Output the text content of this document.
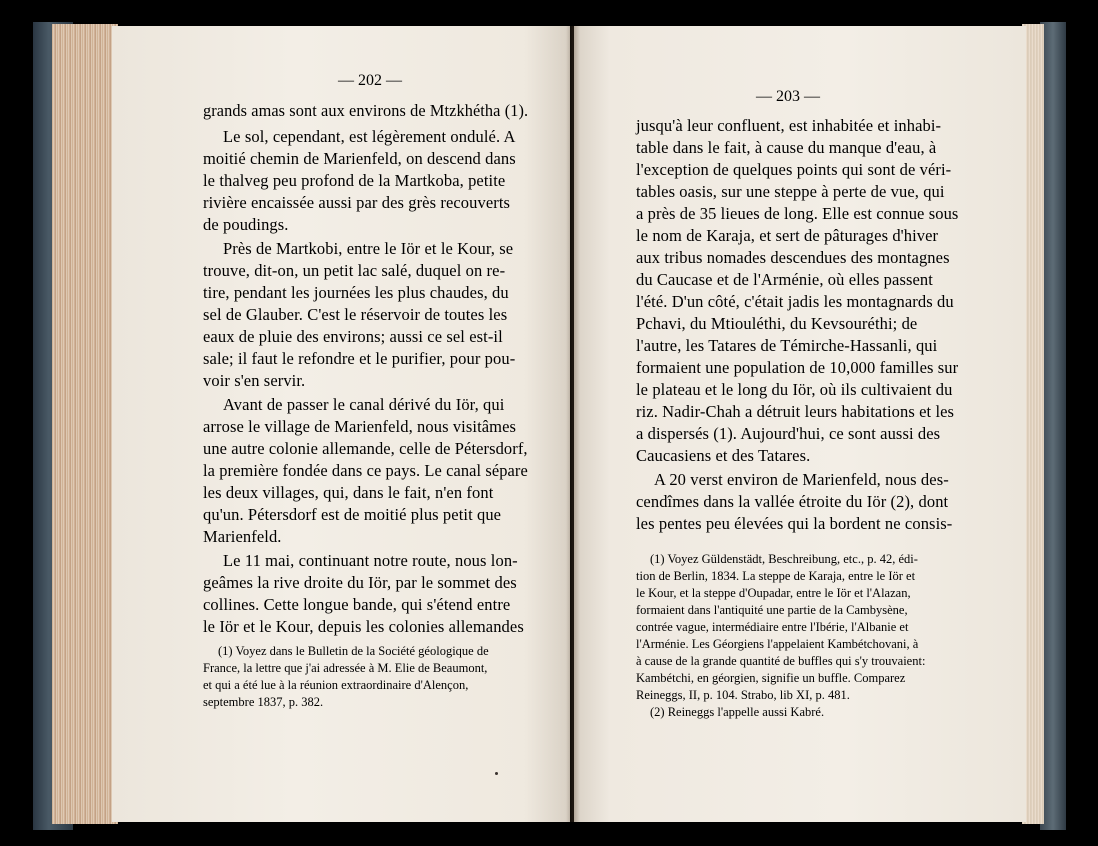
— 202 —
grands amas sont aux environs de Mtzkhétha (1).
Le sol, cependant, est légèrement ondulé. A
moitié chemin de Marienfeld, on descend dans
le thalveg peu profond de la Martkoba, petite
rivière encaissée aussi par des grès recouverts
de poudings.
Près de Martkobi, entre le Iör et le Kour, se
trouve, dit-on, un petit lac salé, duquel on re-
tire, pendant les journées les plus chaudes, du
sel de Glauber. C'est le réservoir de toutes les
eaux de pluie des environs; aussi ce sel est-il
sale; il faut le refondre et le purifier, pour pou-
voir s'en servir.
Avant de passer le canal dérivé du Iör, qui
arrose le village de Marienfeld, nous visitâmes
une autre colonie allemande, celle de Pétersdorf,
la première fondée dans ce pays. Le canal sépare
les deux villages, qui, dans le fait, n'en font
qu'un. Pétersdorf est de moitié plus petit que
Marienfeld.
Le 11 mai, continuant notre route, nous lon-
geâmes la rive droite du Iör, par le sommet des
collines. Cette longue bande, qui s'étend entre
le Iör et le Kour, depuis les colonies allemandes
(1) Voyez dans le Bulletin de la Société géologique de
France, la lettre que j'ai adressée à M. Elie de Beaumont,
et qui a été lue à la réunion extraordinaire d'Alençon,
septembre 1837, p. 382.
— 203 —
jusqu'à leur confluent, est inhabitée et inhabi-
table dans le fait, à cause du manque d'eau, à
l'exception de quelques points qui sont de véri-
tables oasis, sur une steppe à perte de vue, qui
a près de 35 lieues de long. Elle est connue sous
le nom de Karaja, et sert de pâturages d'hiver
aux tribus nomades descendues des montagnes
du Caucase et de l'Arménie, où elles passent
l'été. D'un côté, c'était jadis les montagnards du
Pchavi, du Mtiouléthi, du Kevsouréthi; de
l'autre, les Tatares de Témirche-Hassanli, qui
formaient une population de 10,000 familles sur
le plateau et le long du Iör, où ils cultivaient du
riz. Nadir-Chah a détruit leurs habitations et les
a dispersés (1). Aujourd'hui, ce sont aussi des
Caucasiens et des Tatares.
A 20 verst environ de Marienfeld, nous des-
cendîmes dans la vallée étroite du Iör (2), dont
les pentes peu élevées qui la bordent ne consis-
(1) Voyez Güldenstädt, Beschreibung, etc., p. 42, édi-
tion de Berlin, 1834. La steppe de Karaja, entre le Iör et
le Kour, et la steppe d'Oupadar, entre le Iör et l'Alazan,
formaient dans l'antiquité une partie de la Cambysène,
contrée vague, intermédiaire entre l'Ibérie, l'Albanie et
l'Arménie. Les Géorgiens l'appelaient Kambétchovani, à
à cause de la grande quantité de buffles qui s'y trouvaient:
Kambétchi, en géorgien, signifie un buffle. Comparez
Reineggs, II, p. 104. Strabo, lib XI, p. 481.
(2) Reineggs l'appelle aussi Kabré.
